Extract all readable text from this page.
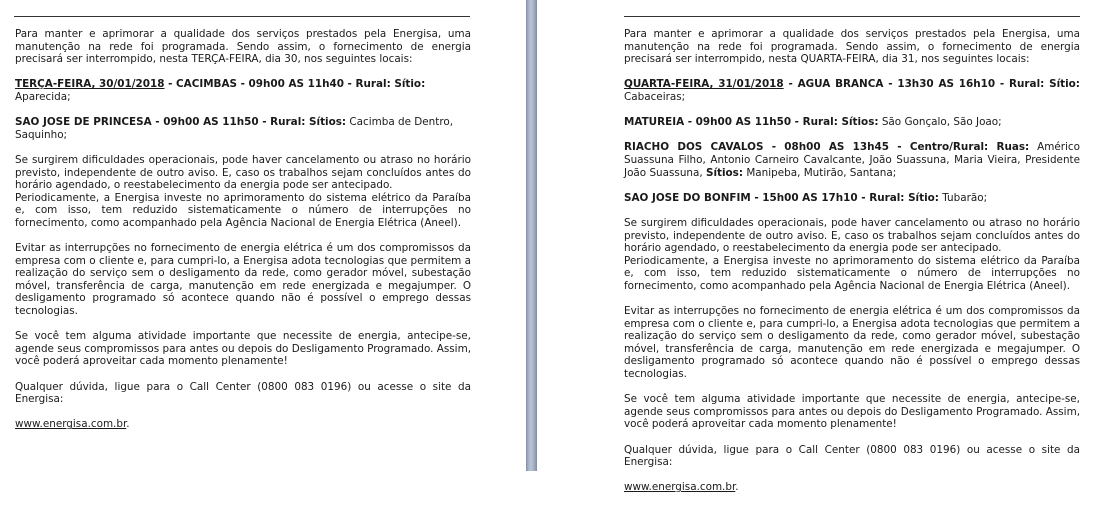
Para manter e aprimorar a qualidade dos serviços prestados pela Energisa, uma manutenção na rede foi programada. Sendo assim, o fornecimento de energia precisará ser interrompido, nesta TERÇA-FEIRA, dia 30, nos seguintes locais:

TERÇA-FEIRA, 30/01/2018 - CACIMBAS - 09h00 AS 11h40 - Rural: Sítio: Aparecida;

SAO JOSE DE PRINCESA - 09h00 AS 11h50 - Rural: Sítios: Cacimba de Dentro, Saquinho;

Se surgirem dificuldades operacionais, pode haver cancelamento ou atraso no horário previsto, independente de outro aviso. E, caso os trabalhos sejam concluídos antes do horário agendado, o reestabelecimento da energia pode ser antecipado.

Periodicamente, a Energisa investe no aprimoramento do sistema elétrico da Paraíba e, com isso, tem reduzido sistematicamente o número de interrupções no fornecimento, como acompanhado pela Agência Nacional de Energia Elétrica (Aneel).

Evitar as interrupções no fornecimento de energia elétrica é um dos compromissos da empresa com o cliente e, para cumpri-lo, a Energisa adota tecnologias que permitem a realização do serviço sem o desligamento da rede, como gerador móvel, subestação móvel, transferência de carga, manutenção em rede energizada e megajumper. O desligamento programado só acontece quando não é possível o emprego dessas tecnologias.

Se você tem alguma atividade importante que necessite de energia, antecipe-se, agende seus compromissos para antes ou depois do Desligamento Programado. Assim, você poderá aproveitar cada momento plenamente!

Qualquer dúvida, ligue para o Call Center (0800 083 0196) ou acesse o site da Energisa:

www.energisa.com.br.

Para manter e aprimorar a qualidade dos serviços prestados pela Energisa, uma manutenção na rede foi programada. Sendo assim, o fornecimento de energia precisará ser interrompido, nesta QUARTA-FEIRA, dia 31, nos seguintes locais:

QUARTA-FEIRA, 31/01/2018 - AGUA BRANCA - 13h30 AS 16h10 - Rural: Sítio: Cabaceiras;

MATUREIA - 09h00 AS 11h50 - Rural: Sítios: São Gonçalo, São Joao;

RIACHO DOS CAVALOS - 08h00 AS 13h45 - Centro/Rural: Ruas: Américo Suassuna Filho, Antonio Carneiro Cavalcante, João Suassuna, Maria Vieira, Presidente João Suassuna, Sítios: Manipeba, Mutirão, Santana;

SAO JOSE DO BONFIM - 15h00 AS 17h10 - Rural: Sítio: Tubarão;

Se surgirem dificuldades operacionais, pode haver cancelamento ou atraso no horário previsto, independente de outro aviso. E, caso os trabalhos sejam concluídos antes do horário agendado, o reestabelecimento da energia pode ser antecipado.

Periodicamente, a Energisa investe no aprimoramento do sistema elétrico da Paraíba e, com isso, tem reduzido sistematicamente o número de interrupções no fornecimento, como acompanhado pela Agência Nacional de Energia Elétrica (Aneel).

Evitar as interrupções no fornecimento de energia elétrica é um dos compromissos da empresa com o cliente e, para cumpri-lo, a Energisa adota tecnologias que permitem a realização do serviço sem o desligamento da rede, como gerador móvel, subestação móvel, transferência de carga, manutenção em rede energizada e megajumper. O desligamento programado só acontece quando não é possível o emprego dessas tecnologias.

Se você tem alguma atividade importante que necessite de energia, antecipe-se, agende seus compromissos para antes ou depois do Desligamento Programado. Assim, você poderá aproveitar cada momento plenamente!

Qualquer dúvida, ligue para o Call Center (0800 083 0196) ou acesse o site da Energisa:

www.energisa.com.br.
